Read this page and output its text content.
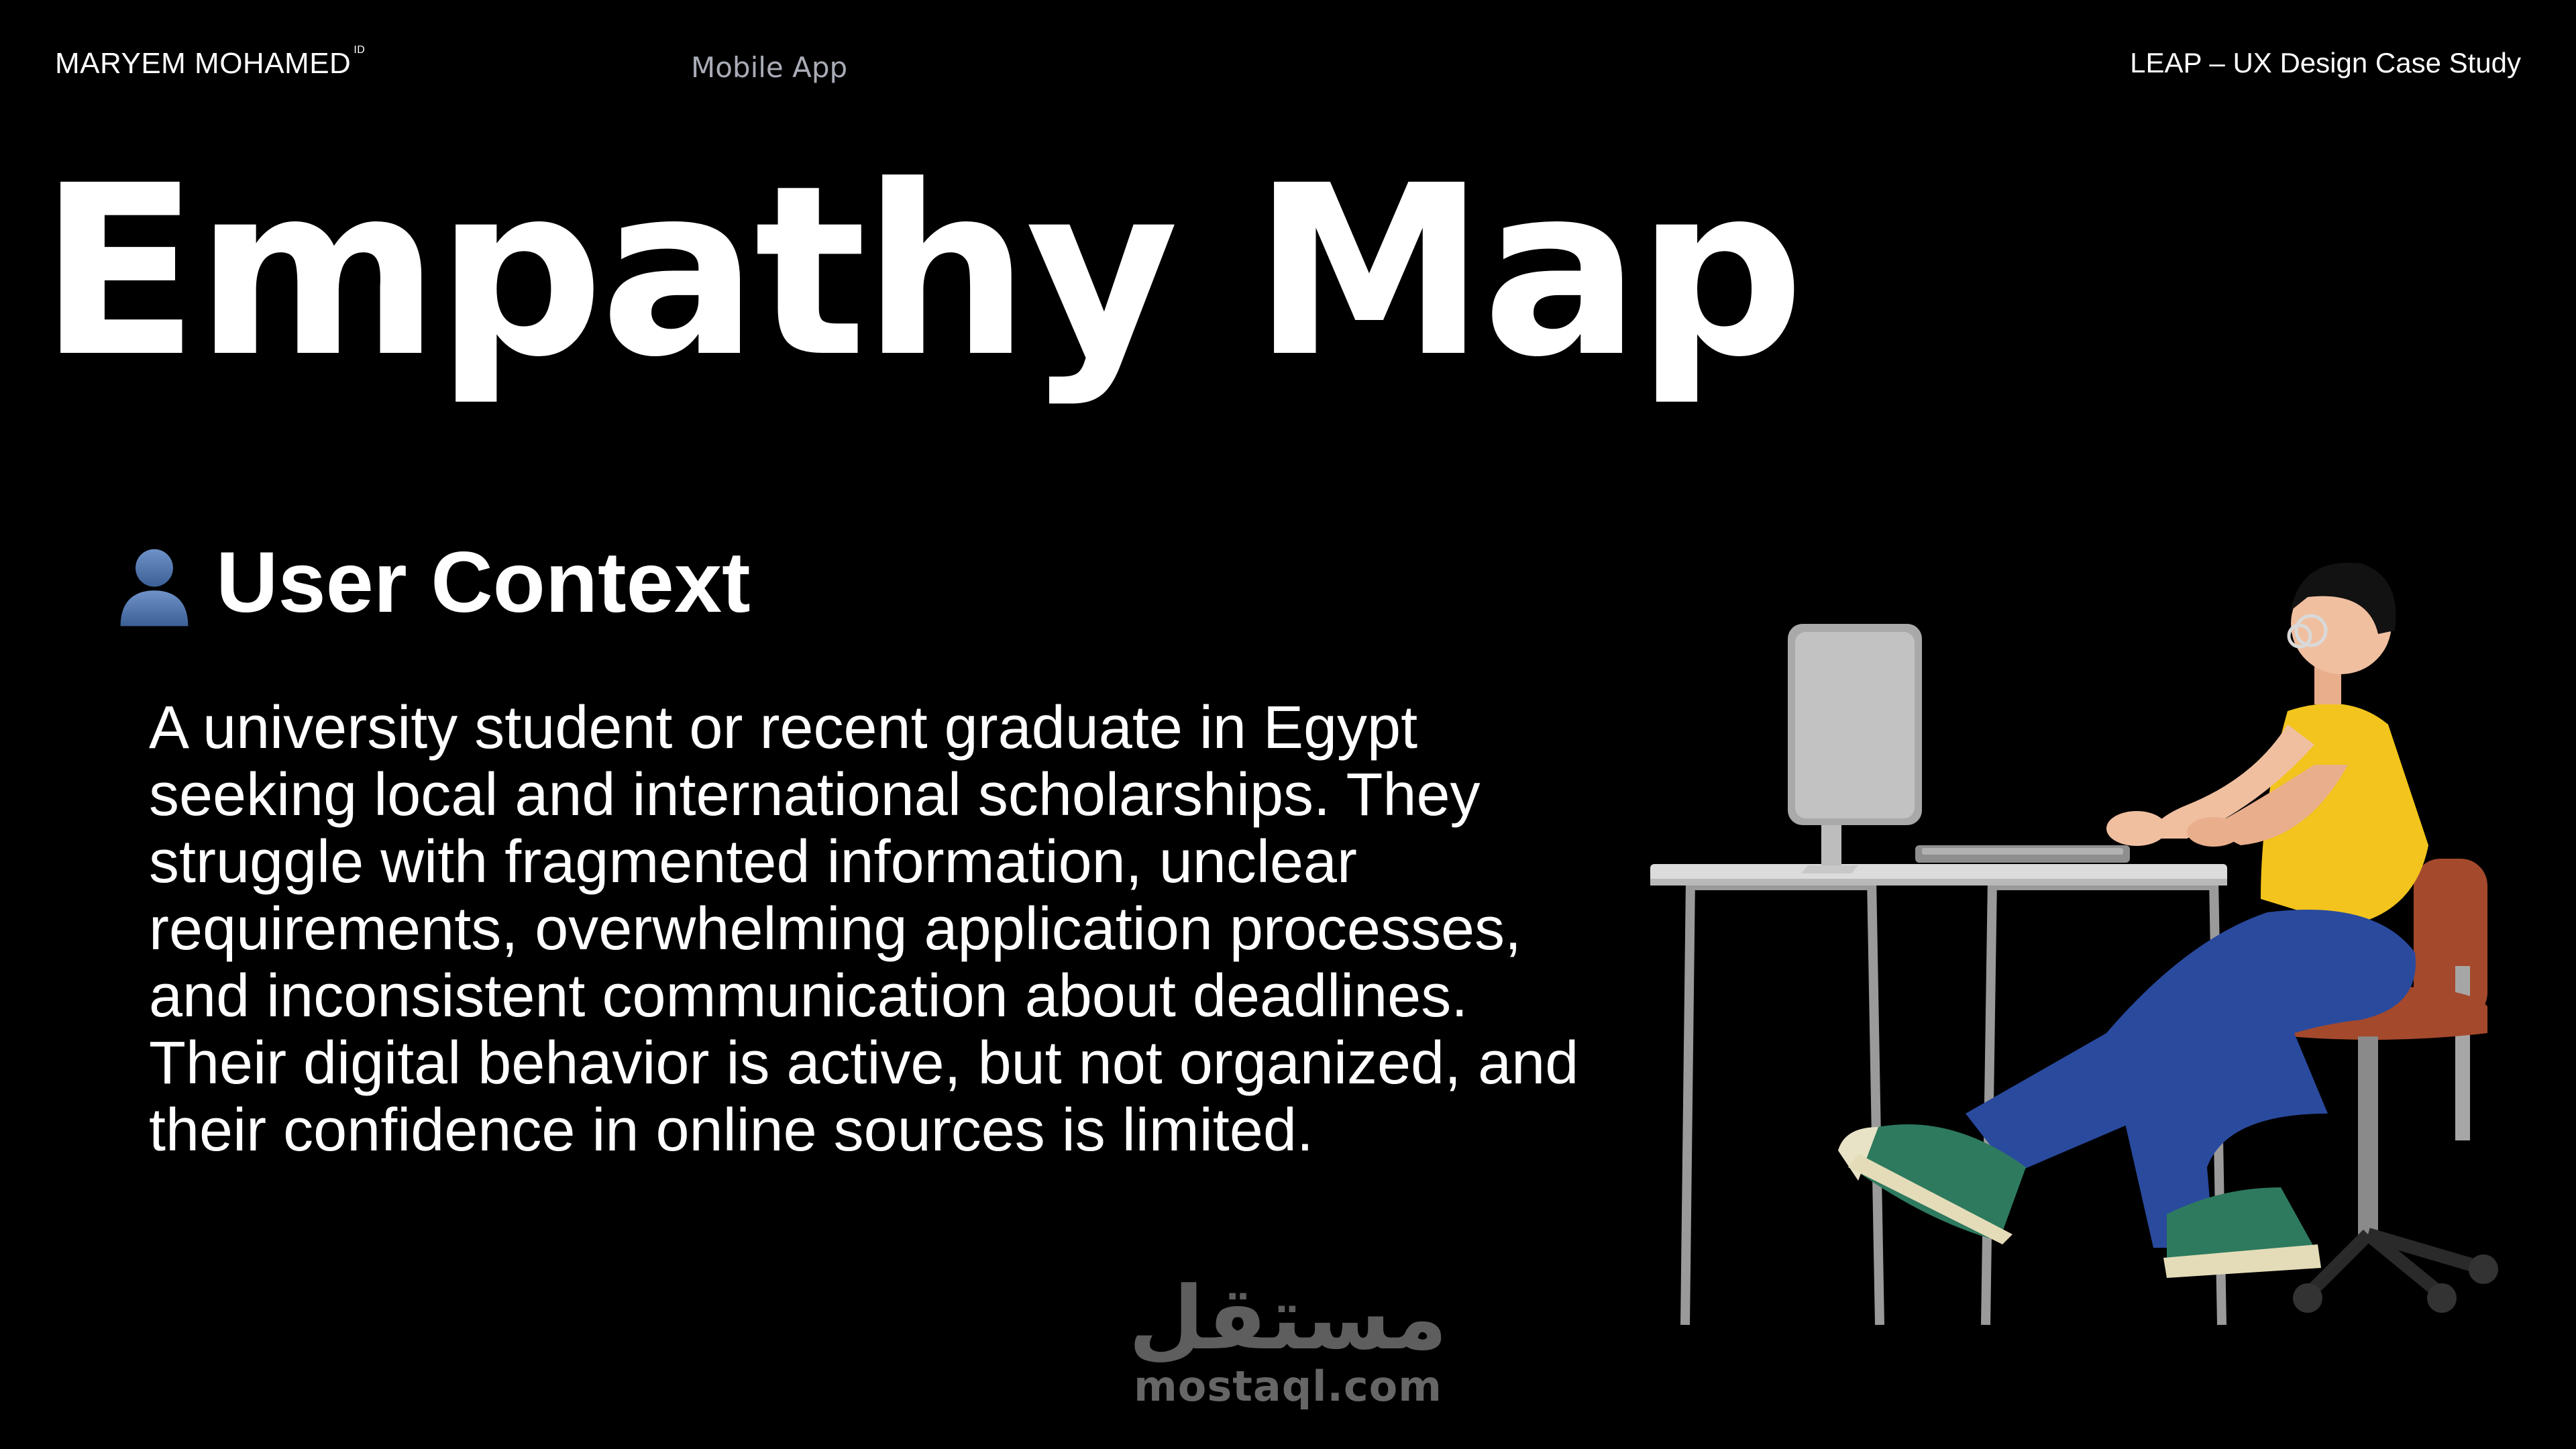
MARYEM MOHAMED $^{ID}$
Mobile App	LEAP – UX Design Case Study
Empathy Map
User Context
A university student or recent graduate in Egypt seeking local and international scholarships. They struggle with fragmented information, unclear requirements, overwhelming application processes, and inconsistent communication about deadlines. Their digital behavior is active, but not organized, and their confidence in online sources is limited.
مستقل
mostaql.com
